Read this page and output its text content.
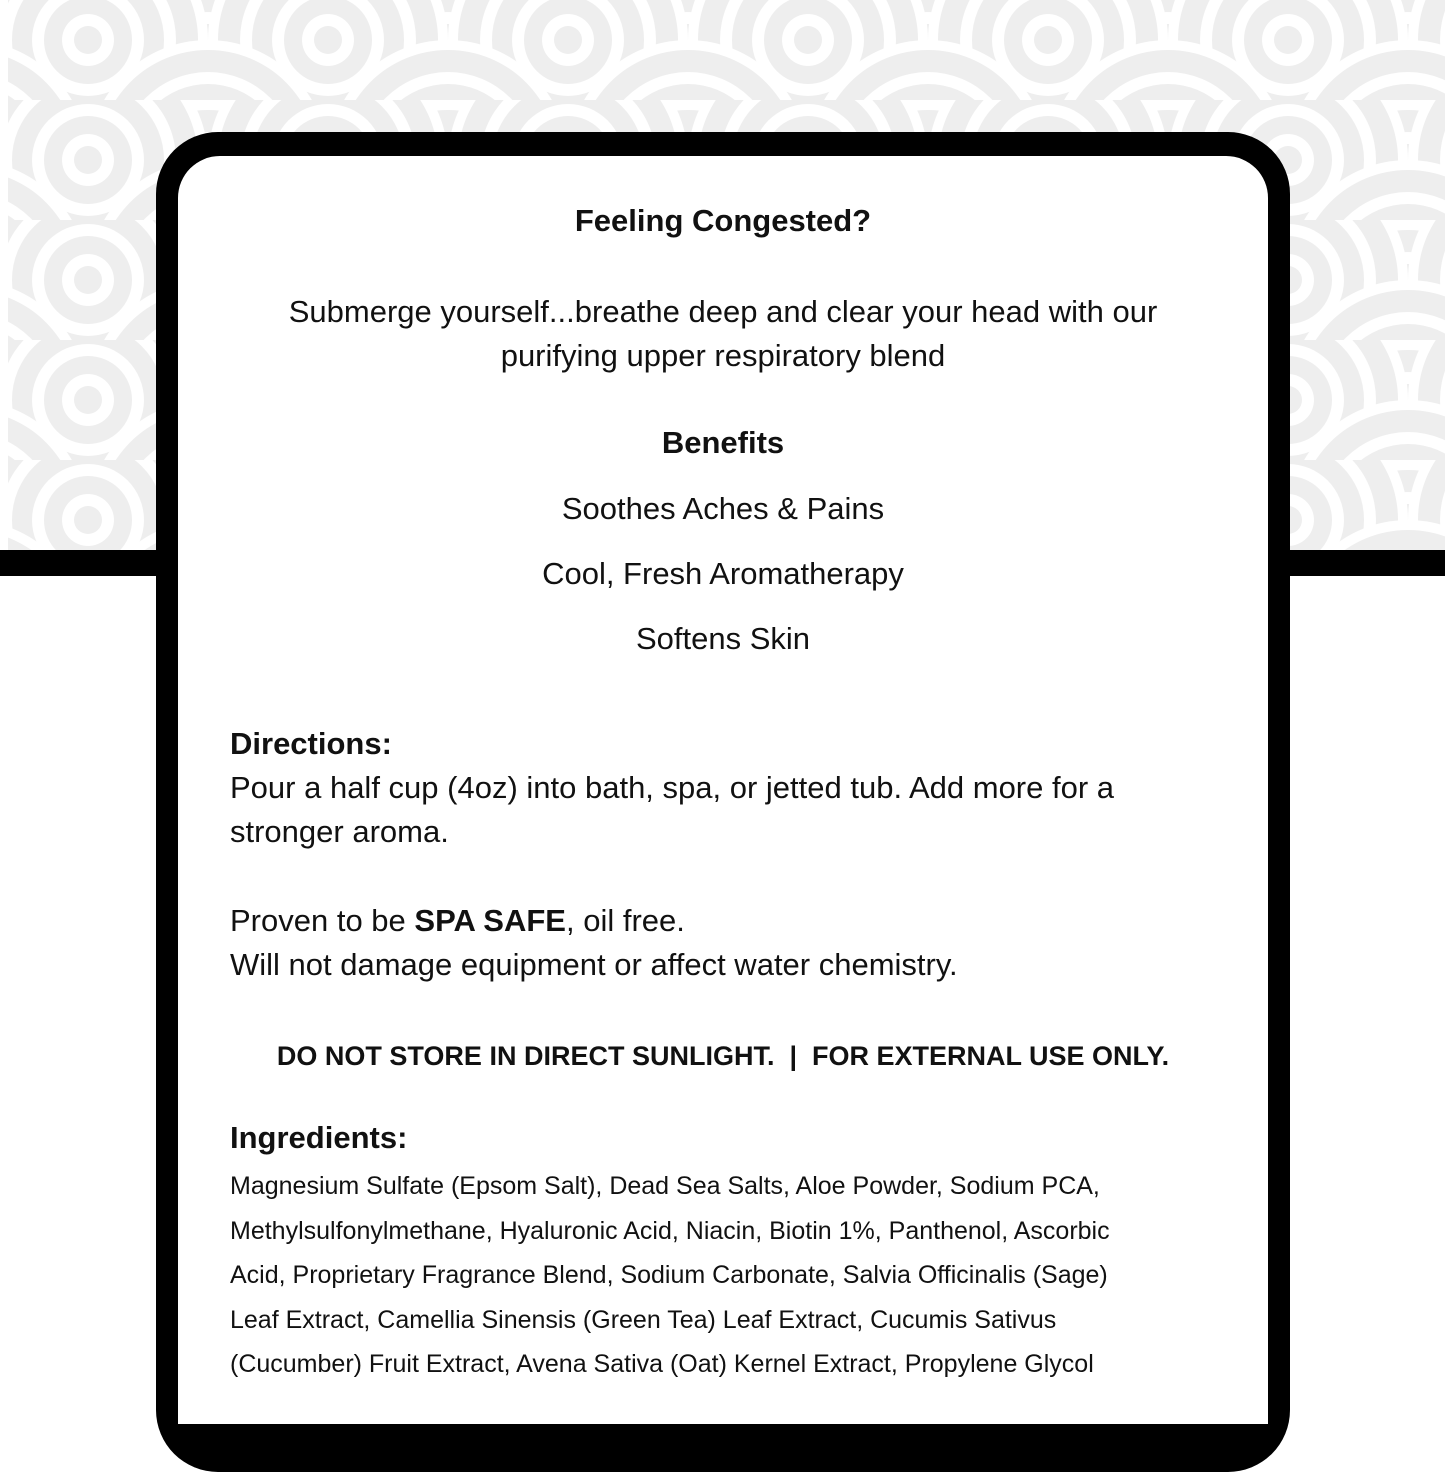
Feeling Congested?
Submerge yourself...breathe deep and clear your head with our
purifying upper respiratory blend
Benefits
Soothes Aches & Pains
Cool, Fresh Aromatherapy
Softens Skin
Directions:
Pour a half cup (4oz) into bath, spa, or jetted tub. Add more for a
stronger aroma.
Proven to be SPA SAFE, oil free.
Will not damage equipment or affect water chemistry.
DO NOT STORE IN DIRECT SUNLIGHT.  |  FOR EXTERNAL USE ONLY.
Ingredients:
Magnesium Sulfate (Epsom Salt), Dead Sea Salts, Aloe Powder, Sodium PCA,
Methylsulfonylmethane, Hyaluronic Acid, Niacin, Biotin 1%, Panthenol, Ascorbic
Acid, Proprietary Fragrance Blend, Sodium Carbonate, Salvia Officinalis (Sage)
Leaf Extract, Camellia Sinensis (Green Tea) Leaf Extract, Cucumis Sativus
(Cucumber) Fruit Extract, Avena Sativa (Oat) Kernel Extract, Propylene Glycol
